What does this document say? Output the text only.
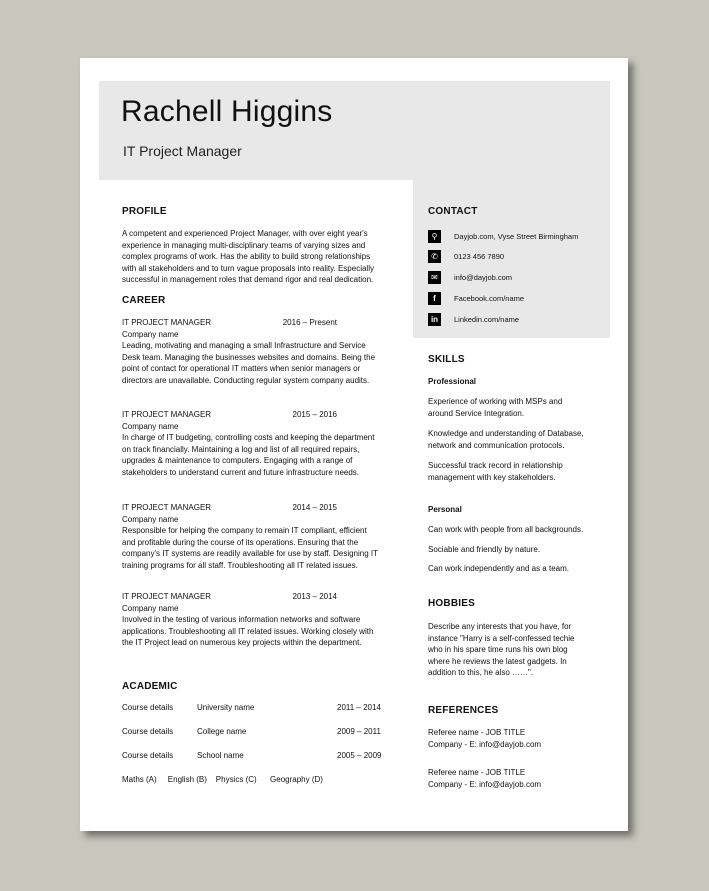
Rachell Higgins
IT Project Manager
PROFILE
A competent and experienced Project Manager, with over eight year's
experience in managing multi-disciplinary teams of varying sizes and
complex programs of work. Has the ability to build strong relationships
with all stakeholders and to turn vague proposals into reality. Especially
successful in management roles that demand rigor and real dedication.
CAREER
IT PROJECT MANAGER	2016 – Present
Company name
Leading, motivating and managing a small Infrastructure and Service
Desk team. Managing the businesses websites and domains. Being the
point of contact for operational IT matters when senior managers or
directors are unavailable. Conducting regular system company audits.
IT PROJECT MANAGER	2015 – 2016
Company name
In charge of IT budgeting, controlling costs and keeping the department
on track financially. Maintaining a log and list of all required repairs,
upgrades & maintenance to computers. Engaging with a range of
stakeholders to understand current and future infrastructure needs.
IT PROJECT MANAGER	2014 – 2015
Company name
Responsible for helping the company to remain IT compliant, efficient
and profitable during the course of its operations. Ensuring that the
company's IT systems are readily available for use by staff. Designing IT
training programs for all staff. Troubleshooting all IT related issues.
IT PROJECT MANAGER	2013 – 2014
Company name
Involved in the testing of various information networks and software
applications. Troubleshooting all IT related issues. Working closely with
the IT Project lead on numerous key projects within the department.
ACADEMIC
Course details	University name	2011 – 2014
Course details	College name	2009 – 2011
Course details	School name	2005 – 2009
Maths (A)     English (B)    Physics (C)      Geography (D)
CONTACT
⚲	Dayjob.com, Vyse Street Birmingham
✆	0123 456 7890
✉	info@dayjob.com
f	Facebook.com/name
in	Linkedin.com/name
SKILLS
Professional
Experience of working with MSPs and
around Service Integration.
Knowledge and understanding of Database,
network and communication protocols.
Successful track record in relationship
management with key stakeholders.
Personal
Can work with people from all backgrounds.
Sociable and friendly by nature.
Can work independently and as a team.
HOBBIES
Describe any interests that you have, for
instance "Harry is a self-confessed techie
who in his spare time runs his own blog
where he reviews the latest gadgets. In
addition to this, he also ……".
REFERENCES
Referee name - JOB TITLE
Company - E: info@dayjob.com
Referee name - JOB TITLE
Company - E: info@dayjob.com
